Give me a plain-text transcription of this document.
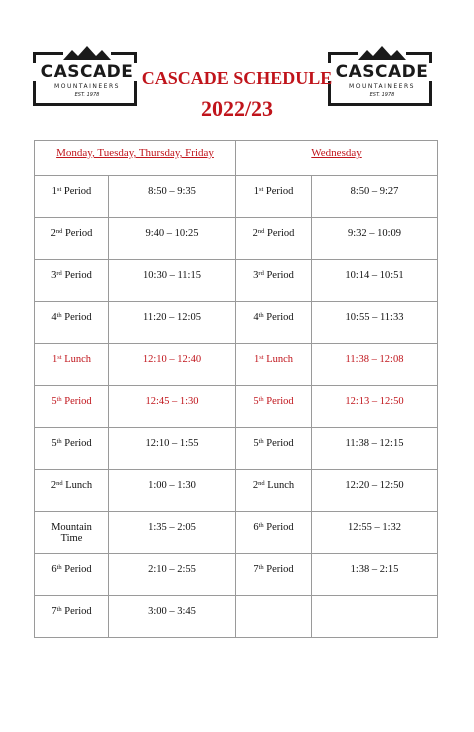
CASCADE
MOUNTAINEERS
EST. 1978
CASCADE
MOUNTAINEERS
EST. 1978
CASCADE SCHEDULE
2022/23
Monday, Tuesday, Thursday, Friday		Wednesday	
1st Period	8:50 – 9:35	1st Period	8:50 – 9:27
2nd Period	9:40 – 10:25	2nd Period	9:32 – 10:09
3rd Period	10:30 – 11:15	3rd Period	10:14 – 10:51
4th Period	11:20 – 12:05	4th Period	10:55 – 11:33
1st Lunch	12:10 – 12:40	1st Lunch	11:38 – 12:08
5th Period	12:45 – 1:30	5th Period	12:13 – 12:50
5th Period	12:10 – 1:55	5th Period	11:38 – 12:15
2nd Lunch	1:00 – 1:30	2nd Lunch	12:20 – 12:50
Mountain Time	1:35 – 2:05	6th Period	12:55 – 1:32
6th Period	2:10 – 2:55	7th Period	1:38 – 2:15
7th Period	3:00 – 3:45		
